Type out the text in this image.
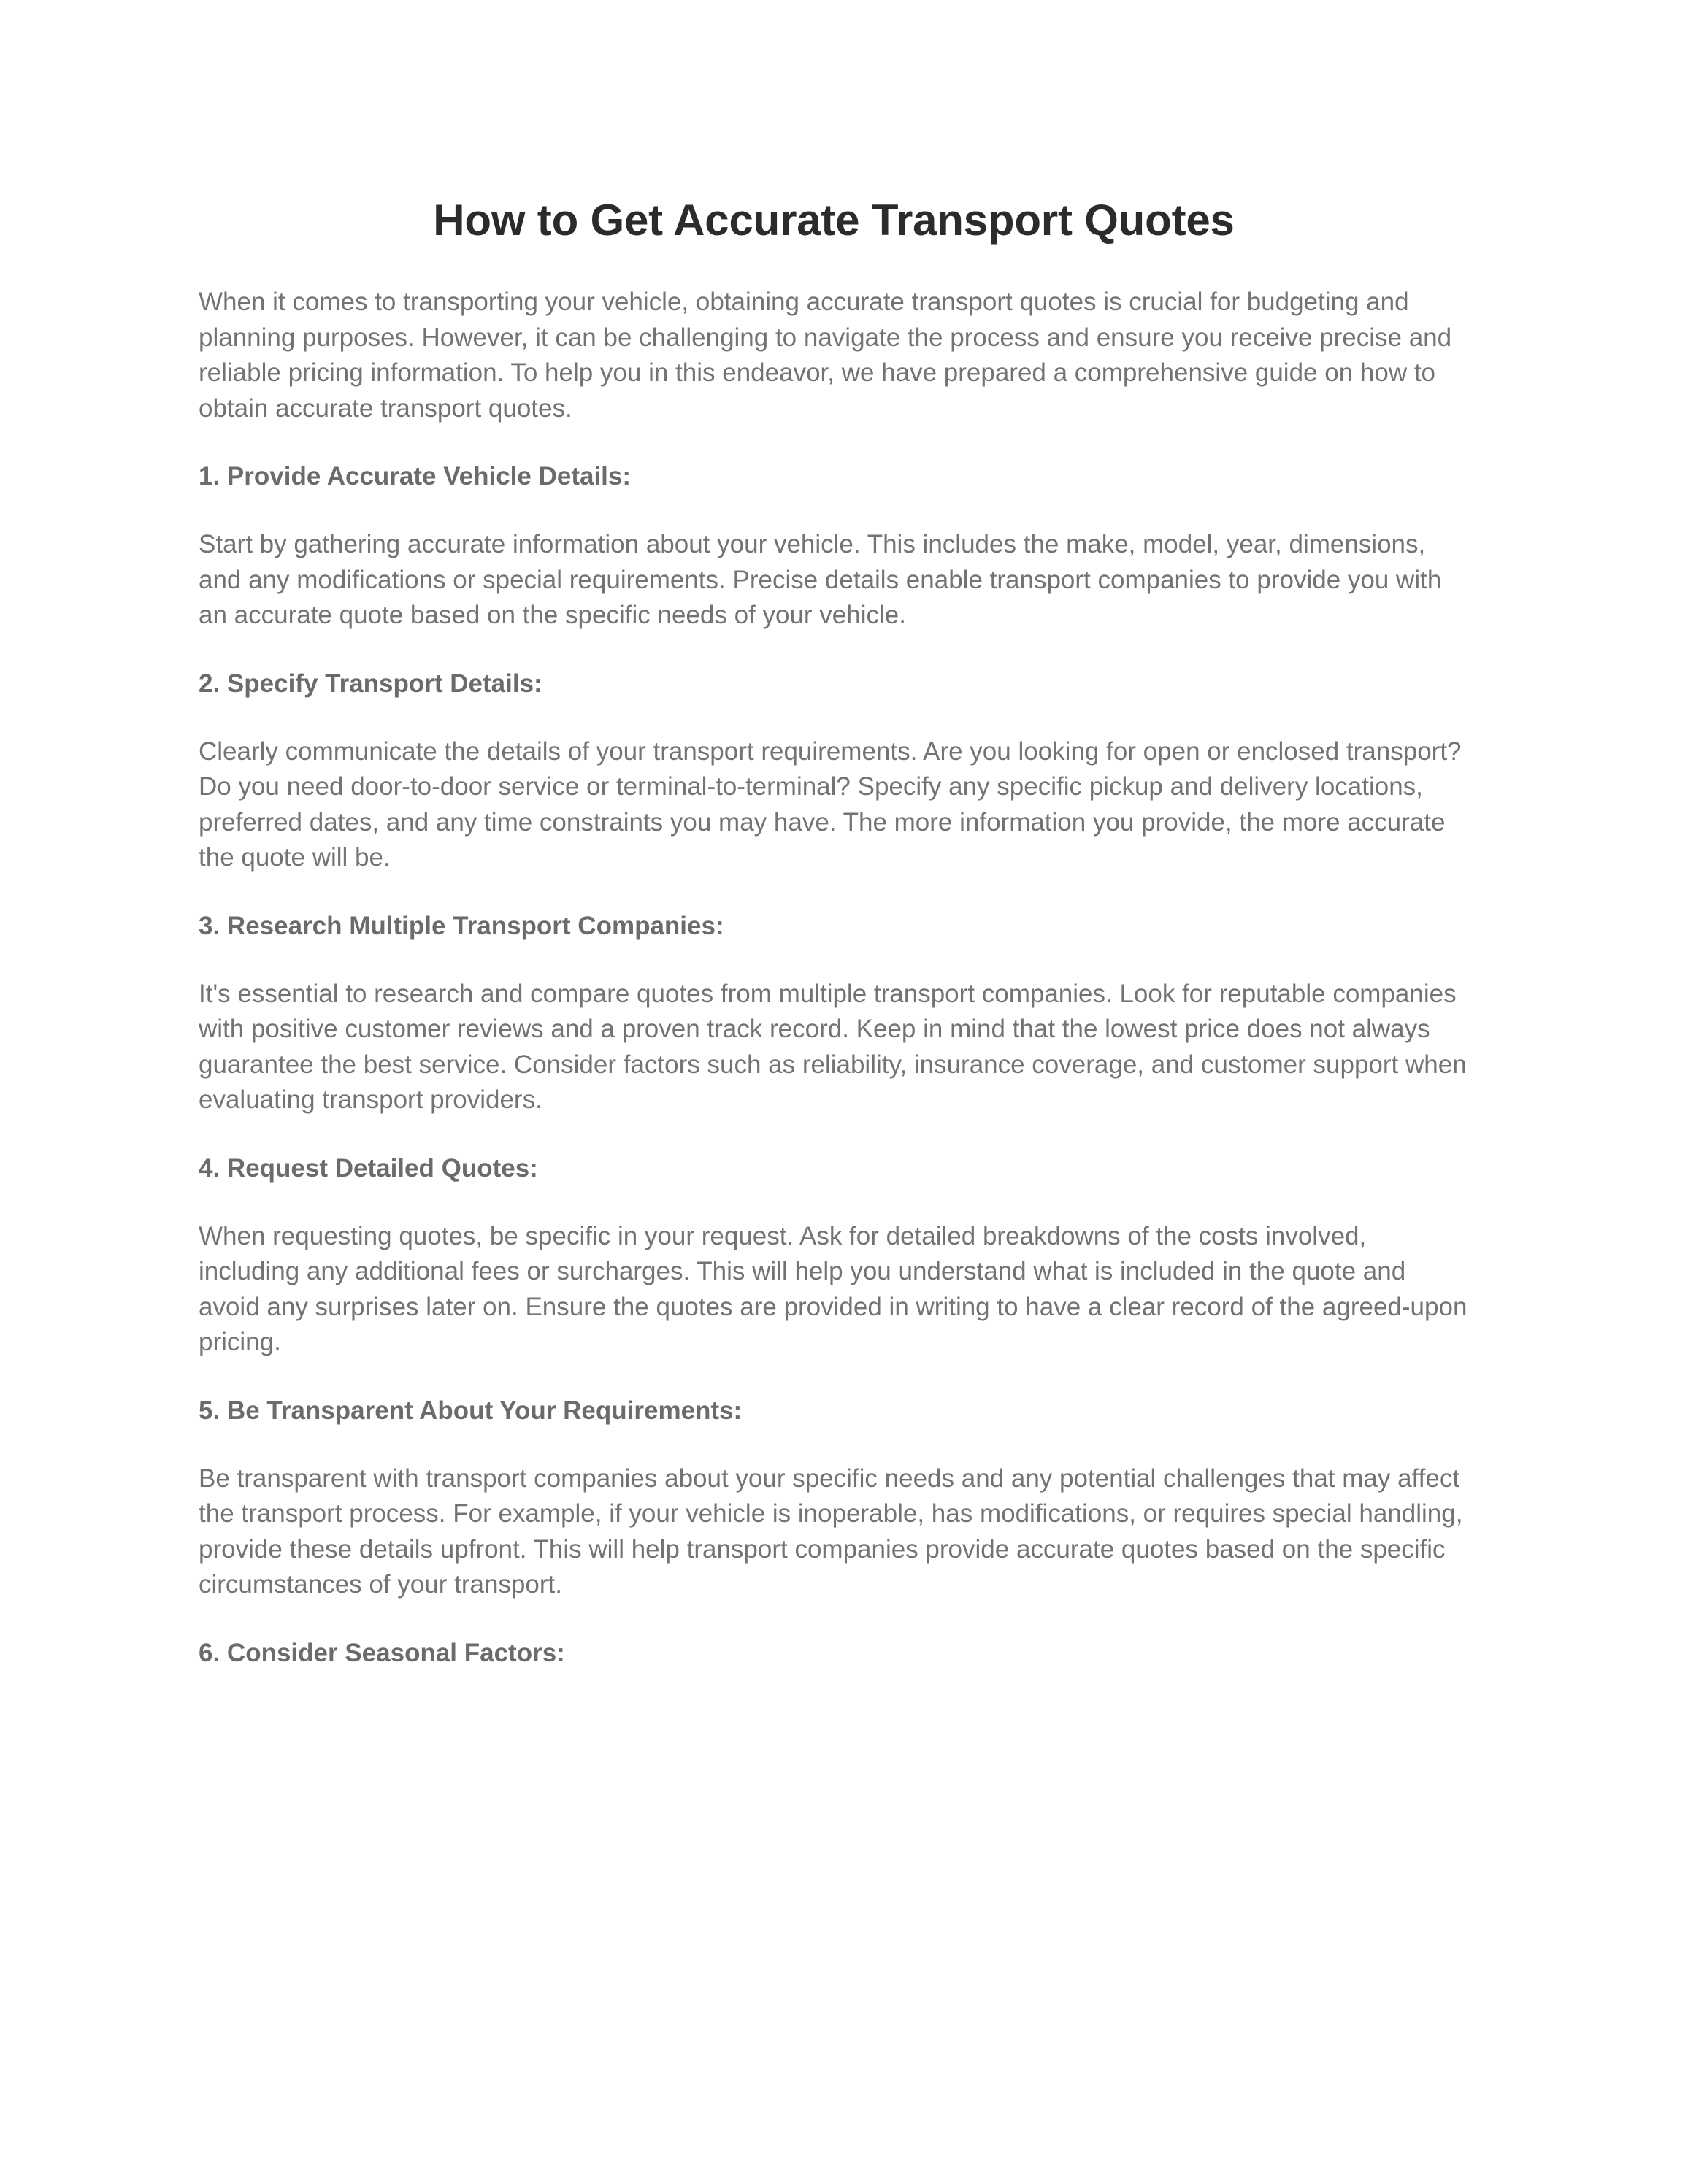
How to Get Accurate Transport Quotes

When it comes to transporting your vehicle, obtaining accurate transport quotes is crucial for budgeting and planning purposes. However, it can be challenging to navigate the process and ensure you receive precise and reliable pricing information. To help you in this endeavor, we have prepared a comprehensive guide on how to obtain accurate transport quotes.

1. Provide Accurate Vehicle Details:

Start by gathering accurate information about your vehicle. This includes the make, model, year, dimensions, and any modifications or special requirements. Precise details enable transport companies to provide you with an accurate quote based on the specific needs of your vehicle.

2. Specify Transport Details:

Clearly communicate the details of your transport requirements. Are you looking for open or enclosed transport? Do you need door-to-door service or terminal-to-terminal? Specify any specific pickup and delivery locations, preferred dates, and any time constraints you may have. The more information you provide, the more accurate the quote will be.

3. Research Multiple Transport Companies:

It's essential to research and compare quotes from multiple transport companies. Look for reputable companies with positive customer reviews and a proven track record. Keep in mind that the lowest price does not always guarantee the best service. Consider factors such as reliability, insurance coverage, and customer support when evaluating transport providers.

4. Request Detailed Quotes:

When requesting quotes, be specific in your request. Ask for detailed breakdowns of the costs involved, including any additional fees or surcharges. This will help you understand what is included in the quote and avoid any surprises later on. Ensure the quotes are provided in writing to have a clear record of the agreed-upon pricing.

5. Be Transparent About Your Requirements:

Be transparent with transport companies about your specific needs and any potential challenges that may affect the transport process. For example, if your vehicle is inoperable, has modifications, or requires special handling, provide these details upfront. This will help transport companies provide accurate quotes based on the specific circumstances of your transport.

6. Consider Seasonal Factors:
